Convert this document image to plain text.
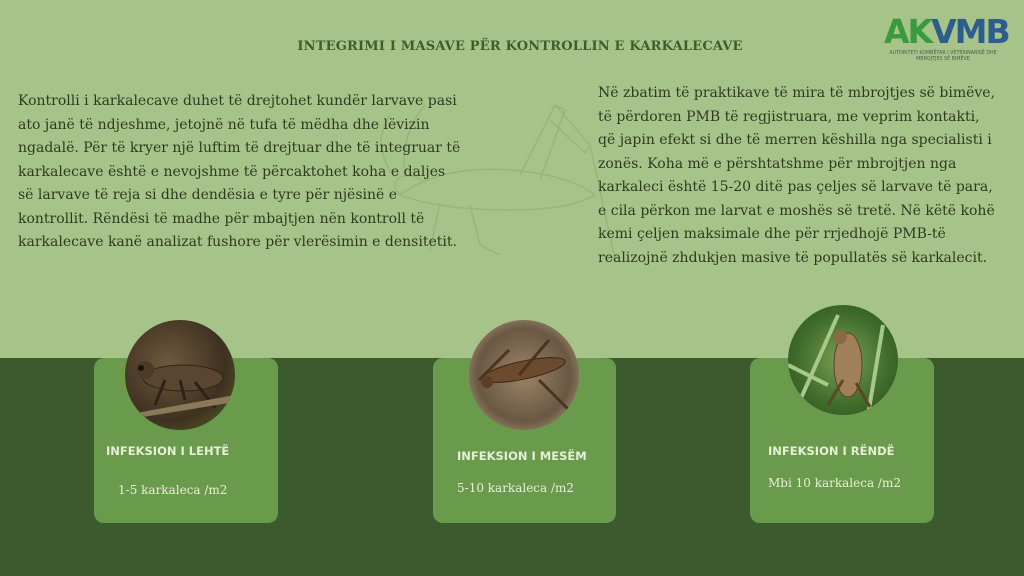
INTEGRIMI I MASAVE PËR KONTROLLIN E KARKALECAVE	AKVMB
AUTORITETI KOMBËTAR I VETERINARISË DHE MBROJTJES SË BIMËVE
Kontrolli i karkalecave duhet të drejtohet kundër larvave pasi ato janë të ndjeshme, jetojnë në tufa të mëdha dhe lëvizin ngadalë. Për të kryer një luftim të drejtuar dhe të integruar të karkalecave është e nevojshme të përcaktohet koha e daljes së larvave të reja si dhe dendësia e tyre për njësinë e kontrollit. Rëndësi të madhe për mbajtjen nën kontroll të karkalecave kanë analizat fushore për vlerësimin e densitetit.
Në zbatim të praktikave të mira të mbrojtjes së bimëve, të përdoren PMB të regjistruara, me veprim kontakti, që japin efekt si dhe të merren këshilla nga specialisti i zonës. Koha më e përshtatshme për mbrojtjen nga karkaleci është 15-20 ditë pas çeljes së larvave të para, e cila përkon me larvat e moshës së tretë. Në këtë kohë kemi çeljen maksimale dhe për rrjedhojë PMB-të realizojnë zhdukjen masive të popullatës së karkalecit.
INFEKSION I LEHTË
1-5 karkaleca /m2
INFEKSION I MESËM
5-10 karkaleca /m2
INFEKSION I RËNDË
Mbi 10 karkaleca /m2
